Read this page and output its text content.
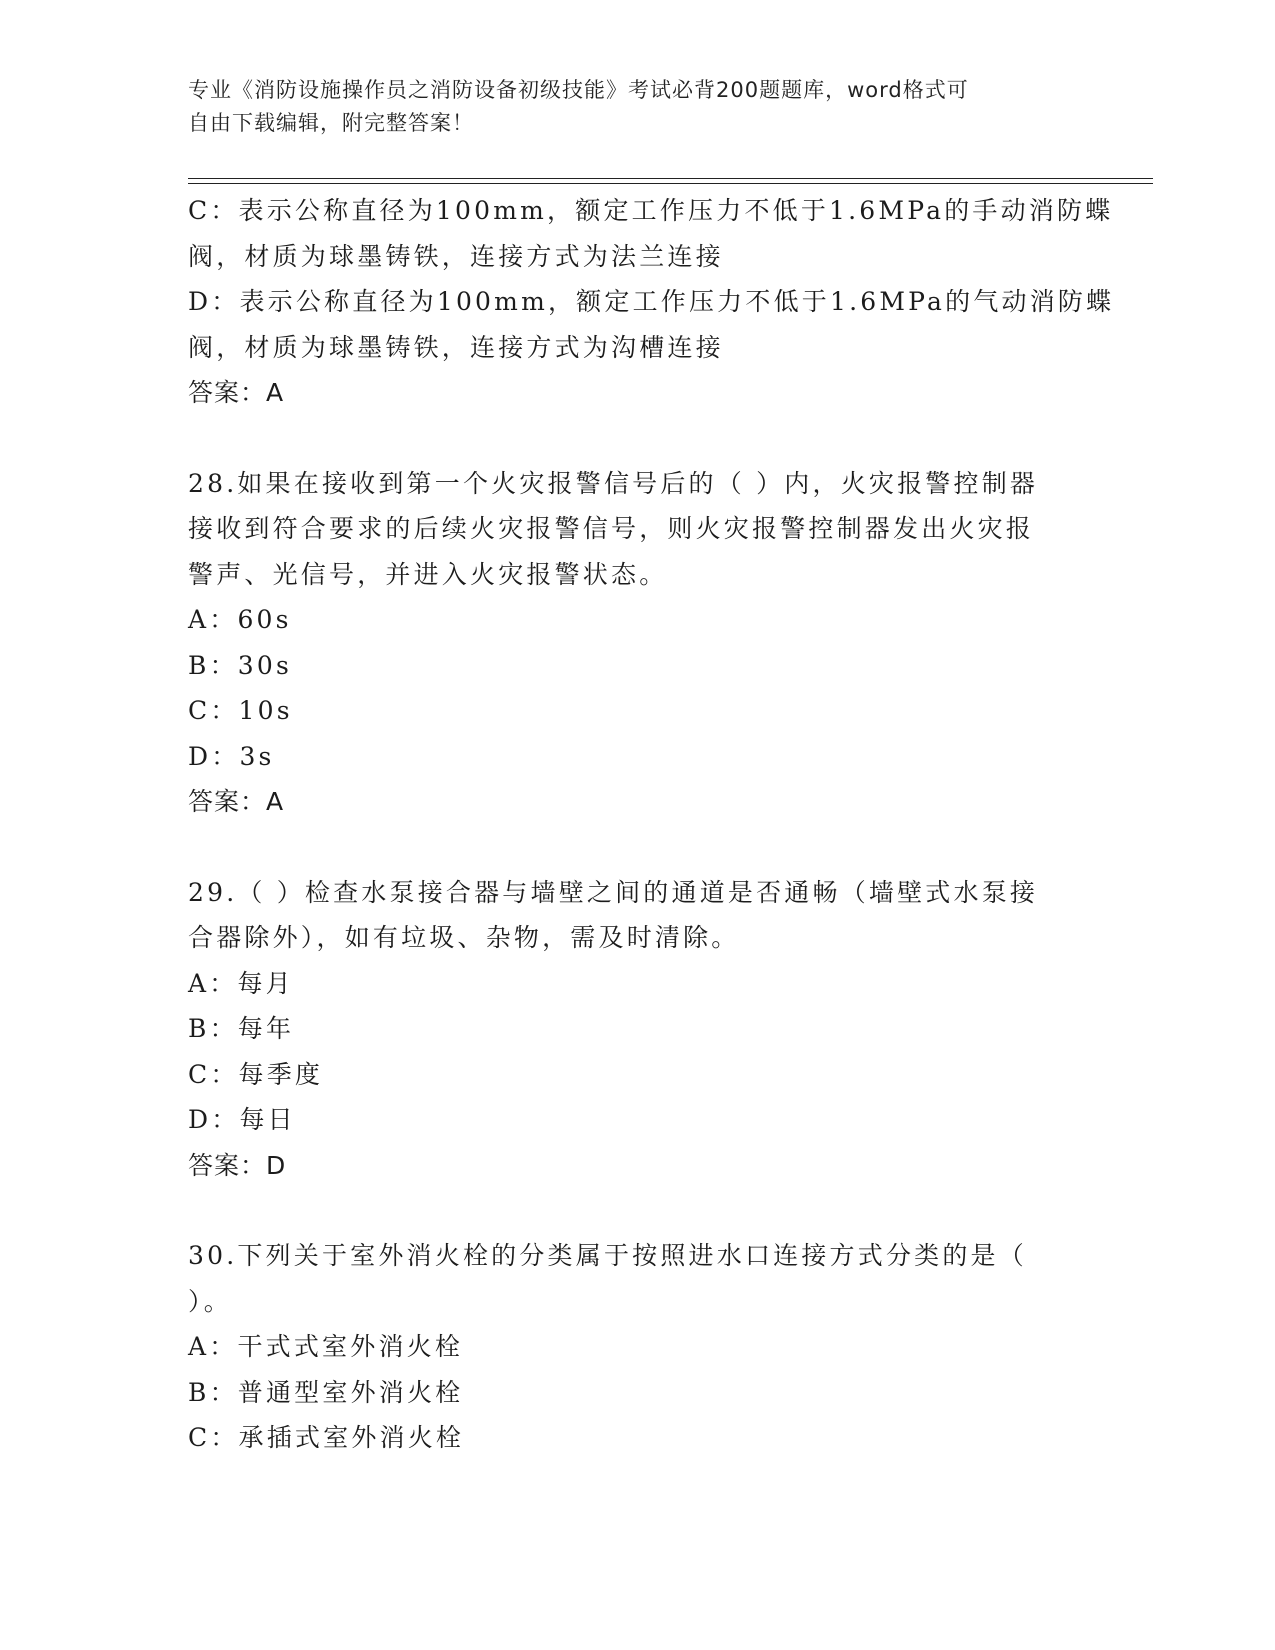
专业《消防设施操作员之消防设备初级技能》考试必背200题题库，word格式可
自由下载编辑，附完整答案！
C：表示公称直径为100mm，额定工作压力不低于1.6MPa的手动消防蝶
阀，材质为球墨铸铁，连接方式为法兰连接
D：表示公称直径为100mm，额定工作压力不低于1.6MPa的气动消防蝶
阀，材质为球墨铸铁，连接方式为沟槽连接
答案：A
28.如果在接收到第一个火灾报警信号后的（ ）内，火灾报警控制器
接收到符合要求的后续火灾报警信号，则火灾报警控制器发出火灾报
警声、光信号，并进入火灾报警状态。
A：60s
B：30s
C：10s
D：3s
答案：A
29.（ ）检查水泵接合器与墙壁之间的通道是否通畅（墙壁式水泵接
合器除外），如有垃圾、杂物，需及时清除。
A：每月
B：每年
C：每季度
D：每日
答案：D
30.下列关于室外消火栓的分类属于按照进水口连接方式分类的是（
）。
A：干式式室外消火栓
B：普通型室外消火栓
C：承插式室外消火栓
